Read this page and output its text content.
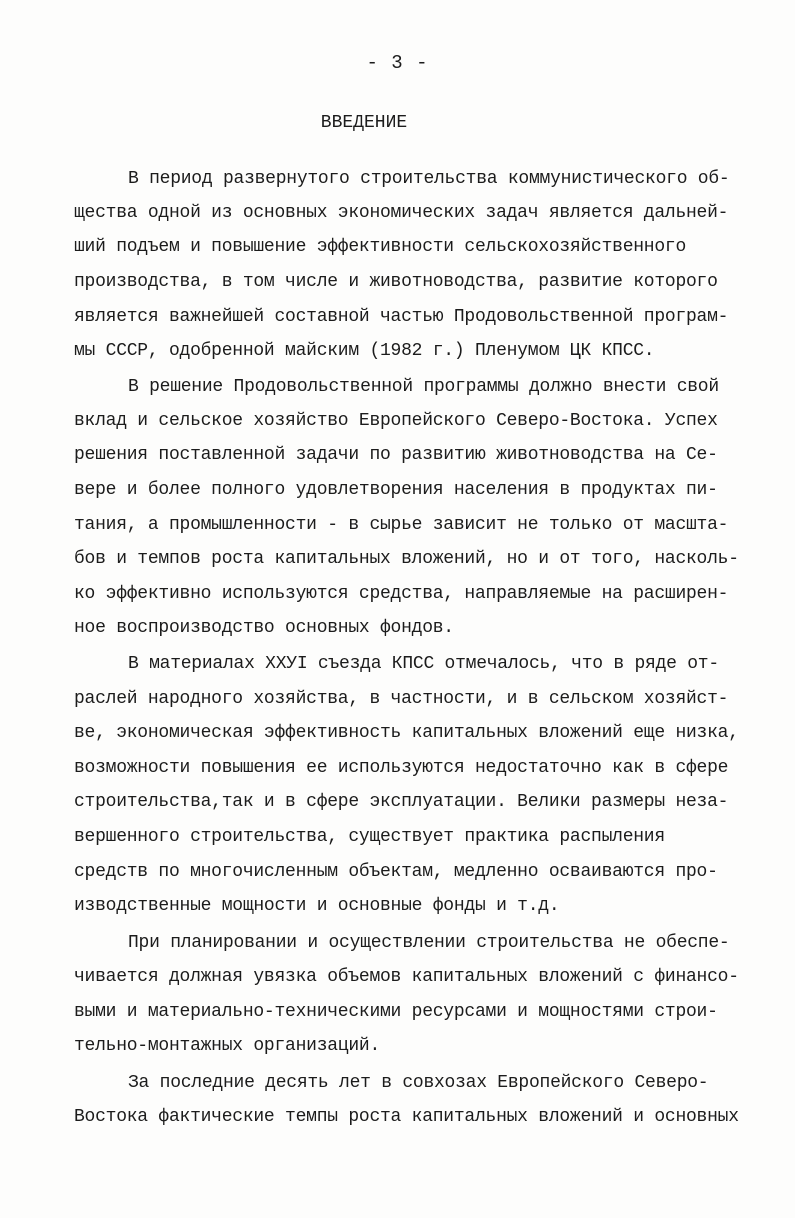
- 3 -
ВВЕДЕНИЕ
В период развернутого строительства коммунистического об-
щества одной из основных экономических задач является дальней-
ший подъем и повышение эффективности сельскохозяйственного
производства, в том числе и животноводства, развитие которого
является важнейшей составной частью Продовольственной програм-
мы СССР, одобренной майским (1982 г.) Пленумом ЦК КПСС.
В решение Продовольственной программы должно внести свой
вклад и сельское хозяйство Европейского Северо-Востока. Успех
решения поставленной задачи по развитию животноводства на Се-
вере и более полного удовлетворения населения в продуктах пи-
тания, а промышленности - в сырье зависит не только от масшта-
бов и темпов роста капитальных вложений, но и от того, насколь-
ко эффективно используются средства, направляемые на расширен-
ное воспроизводство основных фондов.
В материалах ХХУI съезда КПСС отмечалось, что в ряде от-
раслей народного хозяйства, в частности, и в сельском хозяйст-
ве, экономическая эффективность капитальных вложений еще низка,
возможности повышения ее используются недостаточно как в сфере
строительства,так и в сфере эксплуатации. Велики размеры неза-
вершенного строительства, существует практика распыления
средств по многочисленным объектам, медленно осваиваются про-
изводственные мощности и основные фонды и т.д.
При планировании и осуществлении строительства не обеспе-
чивается должная увязка объемов капитальных вложений с финансо-
выми и материально-техническими ресурсами и мощностями строи-
тельно-монтажных организаций.
За последние десять лет в совхозах Европейского Северо-
Востока фактические темпы роста капитальных вложений и основных
